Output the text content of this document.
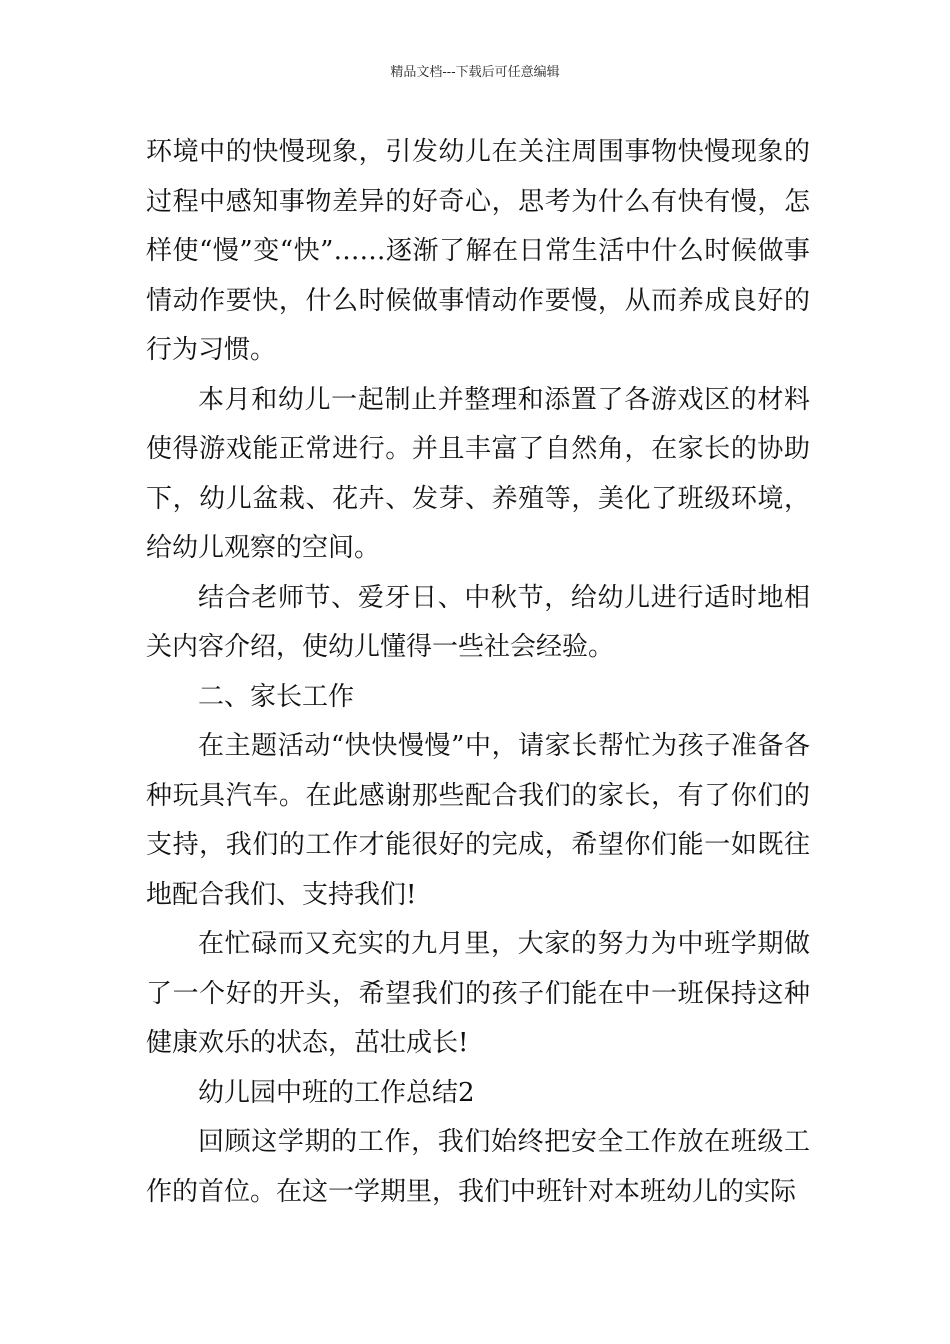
精品文档---下载后可任意编辑

环境中的快慢现象，引发幼儿在关注周围事物快慢现象的过程中感知事物差异的好奇心，思考为什么有快有慢，怎样使“慢”变“快”……逐渐了解在日常生活中什么时候做事情动作要快，什么时候做事情动作要慢，从而养成良好的行为习惯。

本月和幼儿一起制止并整理和添置了各游戏区的材料使得游戏能正常进行。并且丰富了自然角，在家长的协助下，幼儿盆栽、花卉、发芽、养殖等，美化了班级环境，给幼儿观察的空间。

结合老师节、爱牙日、中秋节，给幼儿进行适时地相关内容介绍，使幼儿懂得一些社会经验。

二、家长工作

在主题活动“快快慢慢”中，请家长帮忙为孩子准备各种玩具汽车。在此感谢那些配合我们的家长，有了你们的支持，我们的工作才能很好的完成，希望你们能一如既往地配合我们、支持我们!

在忙碌而又充实的九月里，大家的努力为中班学期做了一个好的开头，希望我们的孩子们能在中一班保持这种健康欢乐的状态，茁壮成长!

幼儿园中班的工作总结2

回顾这学期的工作，我们始终把安全工作放在班级工作的首位。在这一学期里，我们中班针对本班幼儿的实际
